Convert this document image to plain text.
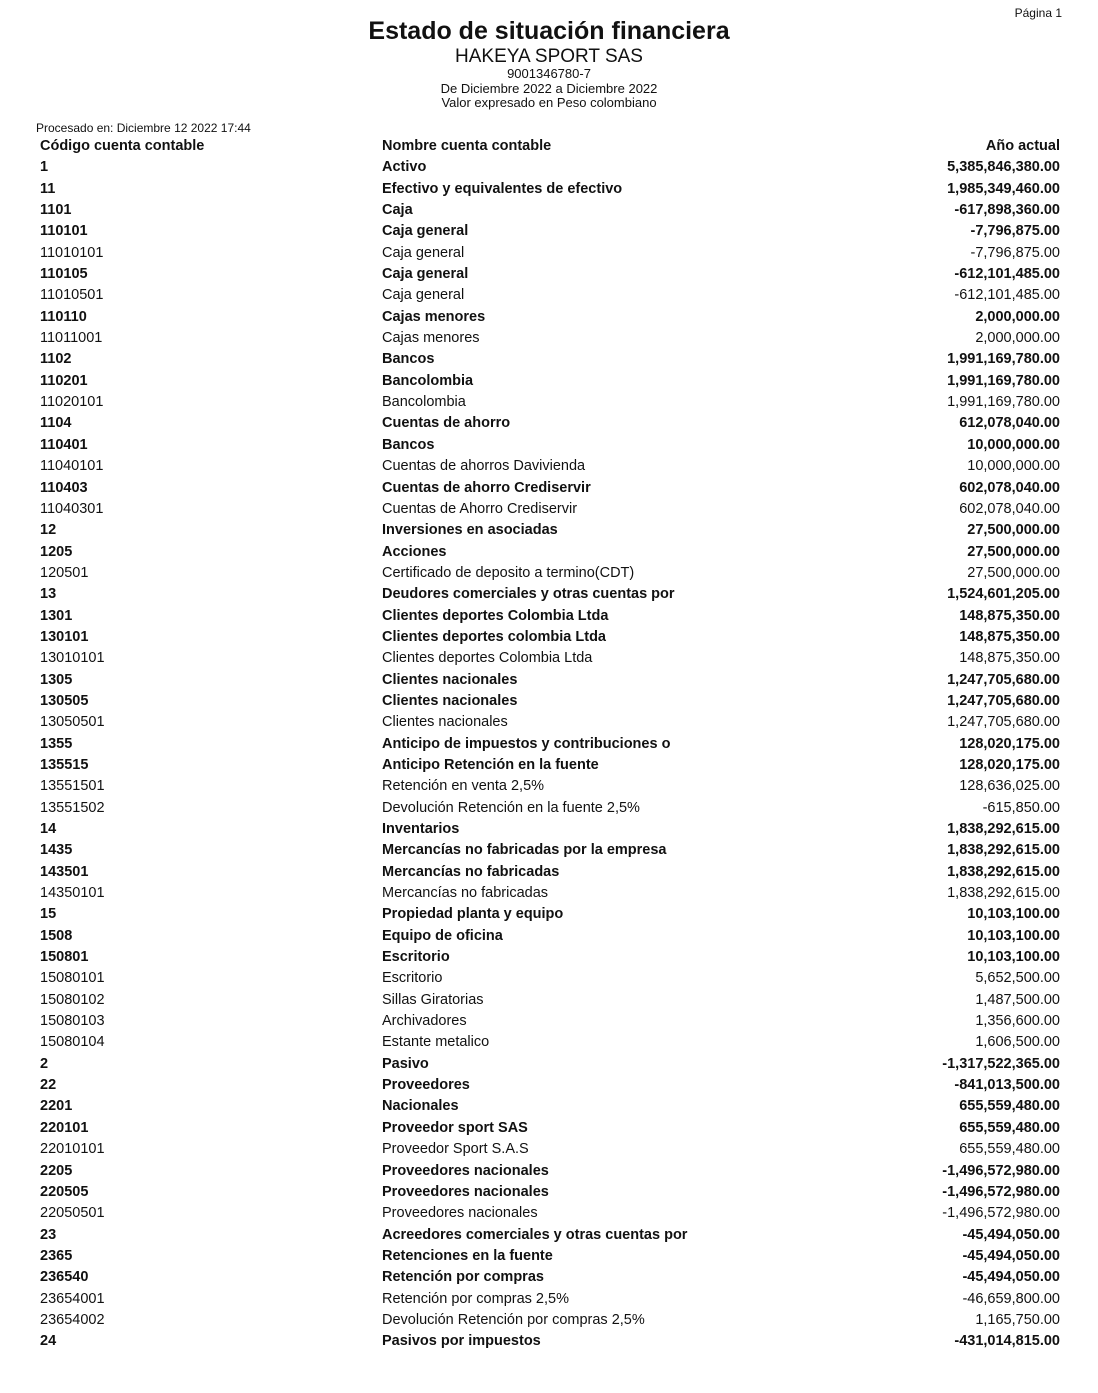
Página 1
Estado de situación financiera
HAKEYA SPORT SAS
9001346780-7
De Diciembre 2022 a Diciembre 2022
Valor expresado en Peso colombiano
Procesado en: Diciembre 12 2022 17:44
Código cuenta contable	Nombre cuenta contable	Año actual
1	Activo	5,385,846,380.00
11	Efectivo y equivalentes de efectivo	1,985,349,460.00
1101	Caja	-617,898,360.00
110101	Caja general	-7,796,875.00
11010101	Caja general	-7,796,875.00
110105	Caja general	-612,101,485.00
11010501	Caja general	-612,101,485.00
110110	Cajas menores	2,000,000.00
11011001	Cajas menores	2,000,000.00
1102	Bancos	1,991,169,780.00
110201	Bancolombia	1,991,169,780.00
11020101	Bancolombia	1,991,169,780.00
1104	Cuentas de ahorro	612,078,040.00
110401	Bancos	10,000,000.00
11040101	Cuentas de ahorros Davivienda	10,000,000.00
110403	Cuentas de ahorro Crediservir	602,078,040.00
11040301	Cuentas de Ahorro Crediservir	602,078,040.00
12	Inversiones en asociadas	27,500,000.00
1205	Acciones	27,500,000.00
120501	Certificado de deposito a termino(CDT)	27,500,000.00
13	Deudores comerciales y otras cuentas por	1,524,601,205.00
1301	Clientes deportes Colombia Ltda	148,875,350.00
130101	Clientes deportes colombia Ltda	148,875,350.00
13010101	Clientes deportes Colombia Ltda	148,875,350.00
1305	Clientes nacionales	1,247,705,680.00
130505	Clientes nacionales	1,247,705,680.00
13050501	Clientes nacionales	1,247,705,680.00
1355	Anticipo de impuestos y contribuciones o	128,020,175.00
135515	Anticipo Retención en la fuente	128,020,175.00
13551501	Retención en venta 2,5%	128,636,025.00
13551502	Devolución Retención en la fuente 2,5%	-615,850.00
14	Inventarios	1,838,292,615.00
1435	Mercancías no fabricadas por la empresa	1,838,292,615.00
143501	Mercancías no fabricadas	1,838,292,615.00
14350101	Mercancías no fabricadas	1,838,292,615.00
15	Propiedad planta y equipo	10,103,100.00
1508	Equipo de oficina	10,103,100.00
150801	Escritorio	10,103,100.00
15080101	Escritorio	5,652,500.00
15080102	Sillas Giratorias	1,487,500.00
15080103	Archivadores	1,356,600.00
15080104	Estante metalico	1,606,500.00
2	Pasivo	-1,317,522,365.00
22	Proveedores	-841,013,500.00
2201	Nacionales	655,559,480.00
220101	Proveedor sport SAS	655,559,480.00
22010101	Proveedor Sport S.A.S	655,559,480.00
2205	Proveedores nacionales	-1,496,572,980.00
220505	Proveedores nacionales	-1,496,572,980.00
22050501	Proveedores nacionales	-1,496,572,980.00
23	Acreedores comerciales y otras cuentas por	-45,494,050.00
2365	Retenciones en la fuente	-45,494,050.00
236540	Retención por compras	-45,494,050.00
23654001	Retención por compras 2,5%	-46,659,800.00
23654002	Devolución Retención por compras 2,5%	1,165,750.00
24	Pasivos por impuestos	-431,014,815.00
